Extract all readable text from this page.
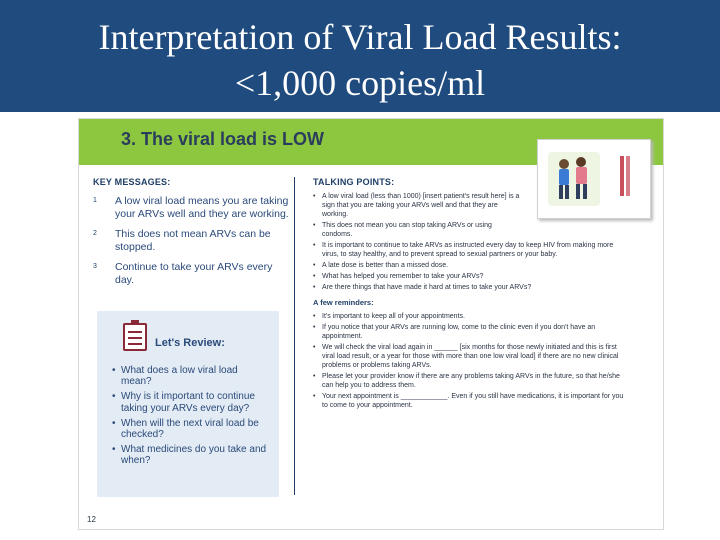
Interpretation of Viral Load Results:
<1,000 copies/ml
3. The viral load is LOW
KEY MESSAGES:
1 A low viral load means you are taking your ARVs well and they are working.
2 This does not mean ARVs can be stopped.
3 Continue to take your ARVs every day.
Let's Review:
• What does a low viral load mean?
• Why is it important to continue taking your ARVs every day?
• When will the next viral load be checked?
• What medicines do you take and when?
TALKING POINTS:
• A low viral load (less than 1000) [insert patient's result here] is a sign that you are taking your ARVs well and that they are working.
• This does not mean you can stop taking ARVs or using condoms.
• It is important to continue to take ARVs as instructed every day to keep HIV from making more virus, to stay healthy, and to prevent spread to sexual partners or your baby.
• A late dose is better than a missed dose.
• What has helped you remember to take your ARVs?
• Are there things that have made it hard at times to take your ARVs?
A few reminders:
• It's important to keep all of your appointments.
• If you notice that your ARVs are running low, come to the clinic even if you don't have an appointment.
• We will check the viral load again in ______ [six months for those newly initiated and this is first viral load result, or a year for those with more than one low viral load] if there are no new clinical problems or problems taking ARVs.
• Please let your provider know if there are any problems taking ARVs in the future, so that he/she can help you to address them.
• Your next appointment is ____________. Even if you still have medications, it is important for you to come to your appointment.
12
